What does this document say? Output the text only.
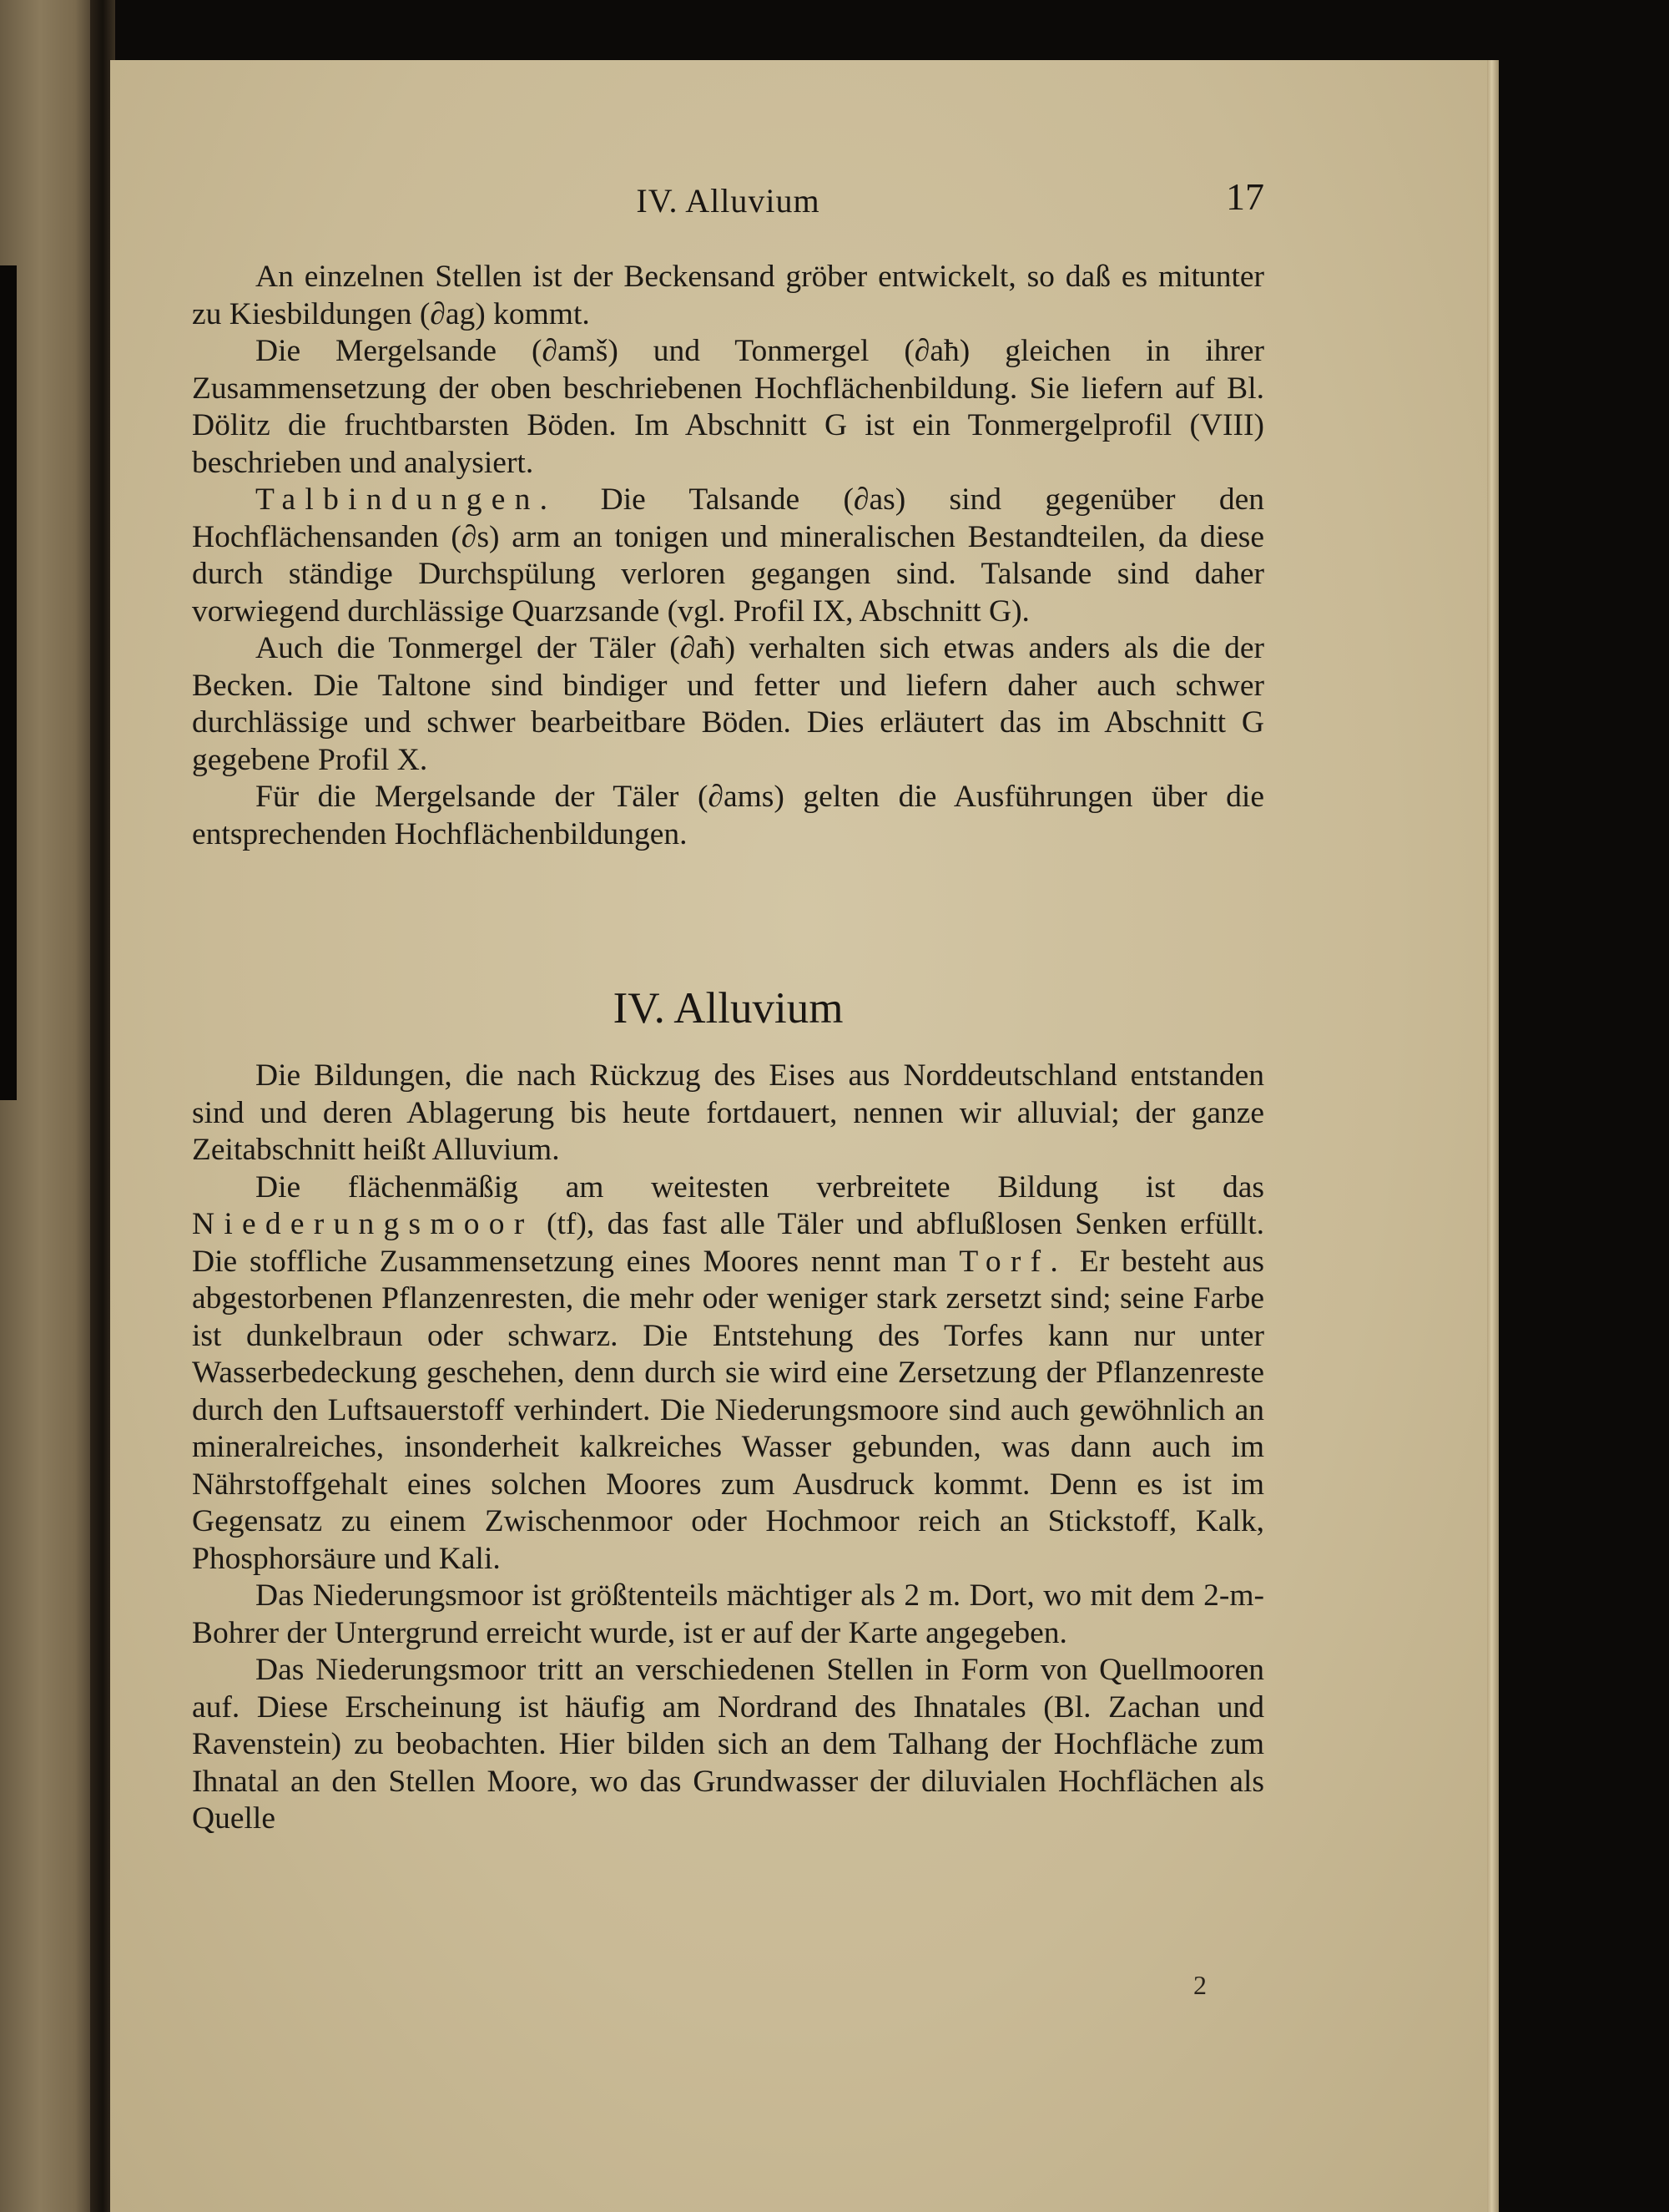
IV. Alluvium	17

An einzelnen Stellen ist der Beckensand gröber entwickelt, so daß es mitunter zu Kiesbildungen (∂ag) kommt.

Die Mergelsande (∂amš) und Tonmergel (∂aћ) gleichen in ihrer Zusammensetzung der oben beschriebenen Hochflächenbildung. Sie liefern auf Bl. Dölitz die fruchtbarsten Böden. Im Abschnitt G ist ein Tonmergelprofil (VIII) beschrieben und analysiert.

Talbindungen. Die Talsande (∂as) sind gegenüber den Hochflächensanden (∂s) arm an tonigen und mineralischen Bestandteilen, da diese durch ständige Durchspülung verloren gegangen sind. Talsande sind daher vorwiegend durchlässige Quarzsande (vgl. Profil IX, Abschnitt G).

Auch die Tonmergel der Täler (∂aћ) verhalten sich etwas anders als die der Becken. Die Taltone sind bindiger und fetter und liefern daher auch schwer durchlässige und schwer bearbeitbare Böden. Dies erläutert das im Abschnitt G gegebene Profil X.

Für die Mergelsande der Täler (∂ams) gelten die Ausführungen über die entsprechenden Hochflächenbildungen.

IV. Alluvium

Die Bildungen, die nach Rückzug des Eises aus Norddeutschland entstanden sind und deren Ablagerung bis heute fortdauert, nennen wir alluvial; der ganze Zeitabschnitt heißt Alluvium.

Die flächenmäßig am weitesten verbreitete Bildung ist das Niederungsmoor (tf), das fast alle Täler und abflußlosen Senken erfüllt. Die stoffliche Zusammensetzung eines Moores nennt man Torf. Er besteht aus abgestorbenen Pflanzenresten, die mehr oder weniger stark zersetzt sind; seine Farbe ist dunkelbraun oder schwarz. Die Entstehung des Torfes kann nur unter Wasserbedeckung geschehen, denn durch sie wird eine Zersetzung der Pflanzenreste durch den Luftsauerstoff verhindert. Die Niederungsmoore sind auch gewöhnlich an mineralreiches, insonderheit kalkreiches Wasser gebunden, was dann auch im Nährstoffgehalt eines solchen Moores zum Ausdruck kommt. Denn es ist im Gegensatz zu einem Zwischenmoor oder Hochmoor reich an Stickstoff, Kalk, Phosphorsäure und Kali.

Das Niederungsmoor ist größtenteils mächtiger als 2 m. Dort, wo mit dem 2-m-Bohrer der Untergrund erreicht wurde, ist er auf der Karte angegeben.

Das Niederungsmoor tritt an verschiedenen Stellen in Form von Quellmooren auf. Diese Erscheinung ist häufig am Nordrand des Ihnatales (Bl. Zachan und Ravenstein) zu beobachten. Hier bilden sich an dem Talhang der Hochfläche zum Ihnatal an den Stellen Moore, wo das Grundwasser der diluvialen Hochflächen als Quelle

2
